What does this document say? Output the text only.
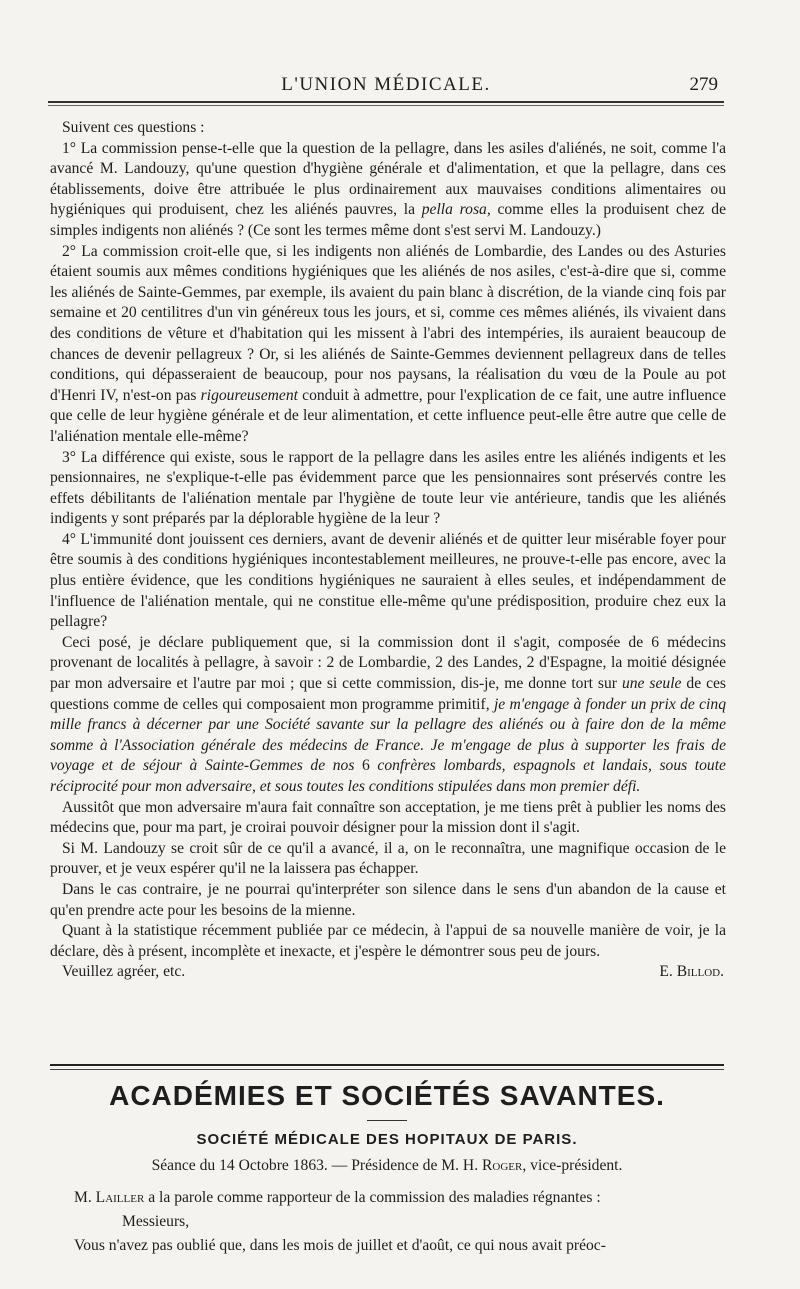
L'UNION MÉDICALE.	279

Suivent ces questions :

1° La commission pense-t-elle que la question de la pellagre, dans les asiles d'aliénés, ne soit, comme l'a avancé M. Landouzy, qu'une question d'hygiène générale et d'alimentation, et que la pellagre, dans ces établissements, doive être attribuée le plus ordinairement aux mauvaises conditions alimentaires ou hygiéniques qui produisent, chez les aliénés pauvres, la pella rosa, comme elles la produisent chez de simples indigents non aliénés ? (Ce sont les termes même dont s'est servi M. Landouzy.)

2° La commission croit-elle que, si les indigents non aliénés de Lombardie, des Landes ou des Asturies étaient soumis aux mêmes conditions hygiéniques que les aliénés de nos asiles, c'est-à-dire que si, comme les aliénés de Sainte-Gemmes, par exemple, ils avaient du pain blanc à discrétion, de la viande cinq fois par semaine et 20 centilitres d'un vin généreux tous les jours, et si, comme ces mêmes aliénés, ils vivaient dans des conditions de vêture et d'habitation qui les missent à l'abri des intempéries, ils auraient beaucoup de chances de devenir pellagreux ? Or, si les aliénés de Sainte-Gemmes deviennent pellagreux dans de telles conditions, qui dépasseraient de beaucoup, pour nos paysans, la réalisation du vœu de la Poule au pot d'Henri IV, n'est-on pas rigoureusement conduit à admettre, pour l'explication de ce fait, une autre influence que celle de leur hygiène générale et de leur alimentation, et cette influence peut-elle être autre que celle de l'aliénation mentale elle-même?

3° La différence qui existe, sous le rapport de la pellagre dans les asiles entre les aliénés indigents et les pensionnaires, ne s'explique-t-elle pas évidemment parce que les pensionnaires sont préservés contre les effets débilitants de l'aliénation mentale par l'hygiène de toute leur vie antérieure, tandis que les aliénés indigents y sont préparés par la déplorable hygiène de la leur ?

4° L'immunité dont jouissent ces derniers, avant de devenir aliénés et de quitter leur misérable foyer pour être soumis à des conditions hygiéniques incontestablement meilleures, ne prouve-t-elle pas encore, avec la plus entière évidence, que les conditions hygiéniques ne sauraient à elles seules, et indépendamment de l'influence de l'aliénation mentale, qui ne constitue elle-même qu'une prédisposition, produire chez eux la pellagre?

Ceci posé, je déclare publiquement que, si la commission dont il s'agit, composée de 6 médecins provenant de localités à pellagre, à savoir : 2 de Lombardie, 2 des Landes, 2 d'Espagne, la moitié désignée par mon adversaire et l'autre par moi ; que si cette commission, dis-je, me donne tort sur une seule de ces questions comme de celles qui composaient mon programme primitif, je m'engage à fonder un prix de cinq mille francs à décerner par une Société savante sur la pellagre des aliénés ou à faire don de la même somme à l'Association générale des médecins de France. Je m'engage de plus à supporter les frais de voyage et de séjour à Sainte-Gemmes de nos 6 confrères lombards, espagnols et landais, sous toute réciprocité pour mon adversaire, et sous toutes les conditions stipulées dans mon premier défi.

Aussitôt que mon adversaire m'aura fait connaître son acceptation, je me tiens prêt à publier les noms des médecins que, pour ma part, je croirai pouvoir désigner pour la mission dont il s'agit.

Si M. Landouzy se croit sûr de ce qu'il a avancé, il a, on le reconnaîtra, une magnifique occasion de le prouver, et je veux espérer qu'il ne la laissera pas échapper.

Dans le cas contraire, je ne pourrai qu'interpréter son silence dans le sens d'un abandon de la cause et qu'en prendre acte pour les besoins de la mienne.

Quant à la statistique récemment publiée par ce médecin, à l'appui de sa nouvelle manière de voir, je la déclare, dès à présent, incomplète et inexacte, et j'espère le démontrer sous peu de jours.

Veuillez agréer, etc.	E. Billod.
ACADÉMIES ET SOCIÉTÉS SAVANTES.
SOCIÉTÉ MÉDICALE DES HOPITAUX DE PARIS.
Séance du 14 Octobre 1863. — Présidence de M. H. Roger, vice-président.

M. Lailler a la parole comme rapporteur de la commission des maladies régnantes :

Messieurs,

Vous n'avez pas oublié que, dans les mois de juillet et d'août, ce qui nous avait préoc-
